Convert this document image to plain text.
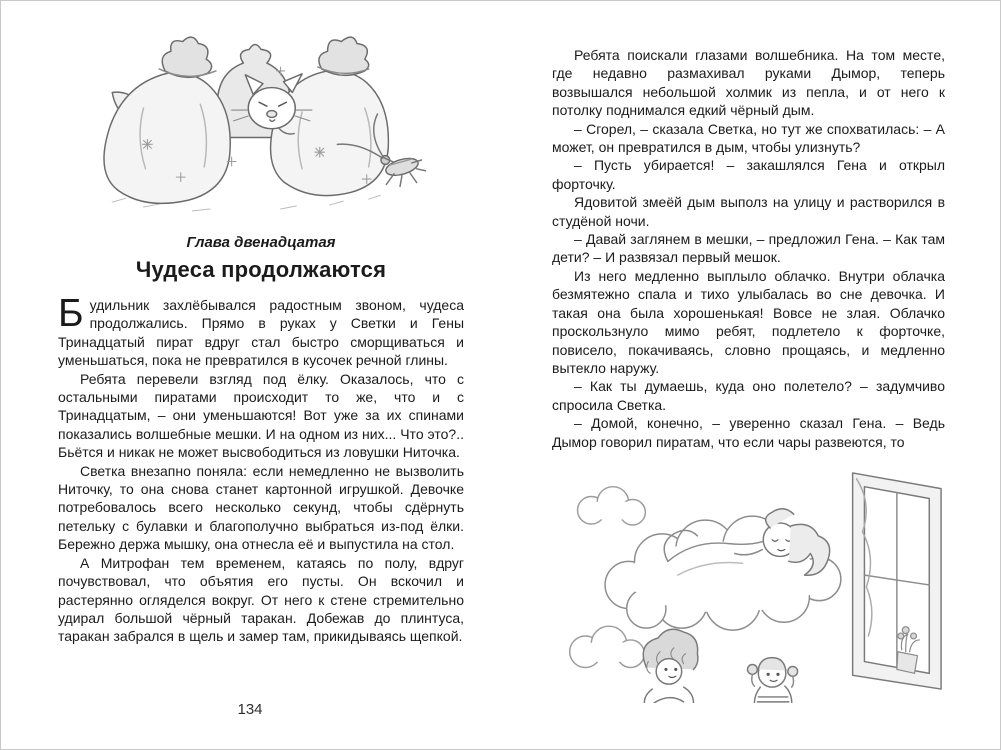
Глава двенадцатая
Чудеса продолжаются

Будильник захлёбывался радостным звоном, чудеса продолжались. Прямо в руках у Светки и Гены Тринадцатый пират вдруг стал быстро сморщиваться и уменьшаться, пока не превратился в кусочек речной глины.

Ребята перевели взгляд под ёлку. Оказалось, что с остальными пиратами происходит то же, что и с Тринадцатым, – они уменьшаются! Вот уже за их спинами показались волшебные мешки. И на одном из них... Что это?.. Бьётся и никак не может высвободиться из ловушки Ниточка.

Светка внезапно поняла: если немедленно не вызволить Ниточку, то она снова станет картонной игрушкой. Девочке потребовалось всего несколько секунд, чтобы сдёрнуть петельку с булавки и благополучно выбраться из-под ёлки. Бережно держа мышку, она отнесла её и выпустила на стол.

А Митрофан тем временем, катаясь по полу, вдруг почувствовал, что объятия его пусты. Он вскочил и растерянно огляделся вокруг. От него к стене стремительно удирал большой чёрный таракан. Добежав до плинтуса, таракан забрался в щель и замер там, прикидываясь щепкой.

134

Ребята поискали глазами волшебника. На том месте, где недавно размахивал руками Дымор, теперь возвышался небольшой холмик из пепла, и от него к потолку поднимался едкий чёрный дым.

– Сгорел, – сказала Светка, но тут же спохватилась: – А может, он превратился в дым, чтобы улизнуть?

– Пусть убирается! – закашлялся Гена и открыл форточку.

Ядовитой змеёй дым выполз на улицу и растворился в студёной ночи.

– Давай заглянем в мешки, – предложил Гена. – Как там дети? – И развязал первый мешок.

Из него медленно выплыло облачко. Внутри облачка безмятежно спала и тихо улыбалась во сне девочка. И такая она была хорошенькая! Вовсе не злая. Облачко проскользнуло мимо ребят, подлетело к форточке, повисело, покачиваясь, словно прощаясь, и медленно вытекло наружу.

– Как ты думаешь, куда оно полетело? – задумчиво спросила Светка.

– Домой, конечно, – уверенно сказал Гена. – Ведь Дымор говорил пиратам, что если чары развеются, то
